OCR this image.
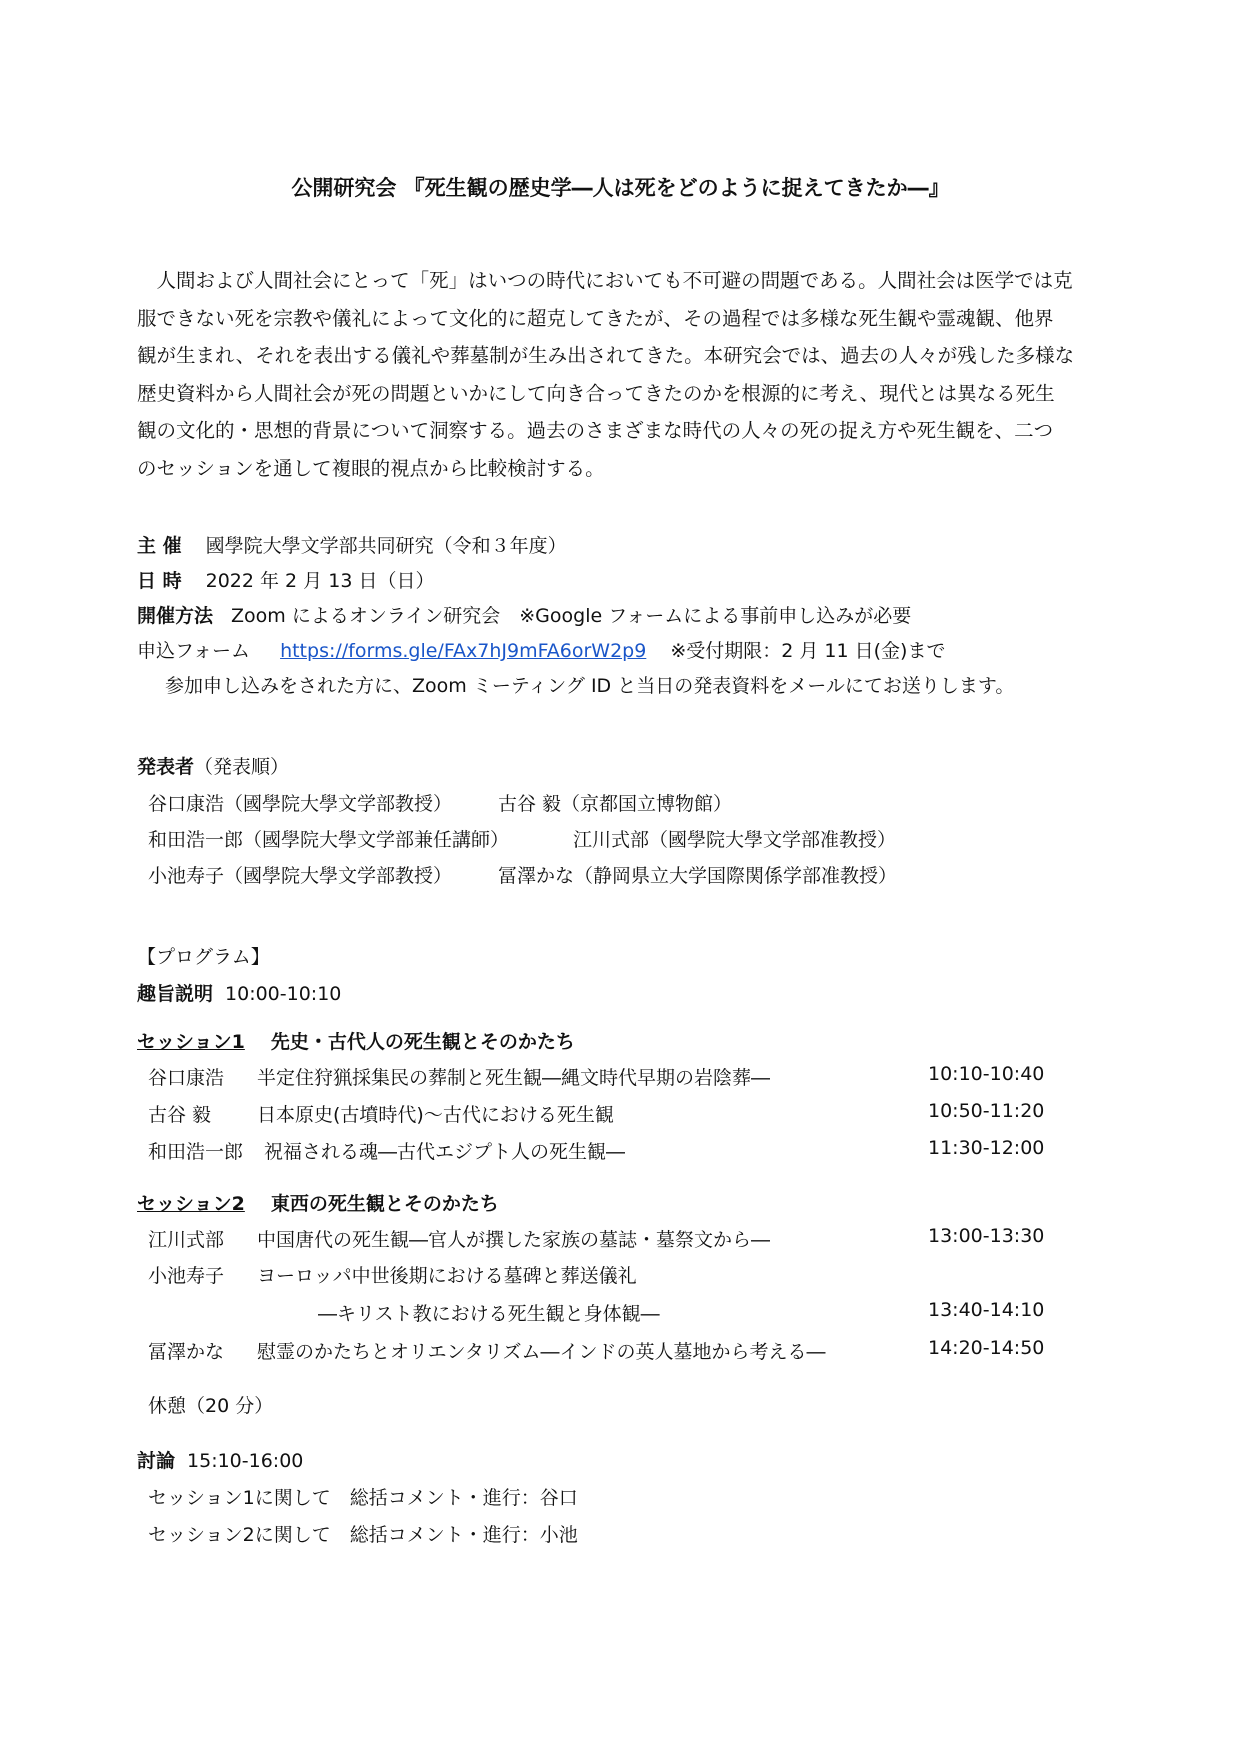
公開研究会 『死生観の歴史学―人は死をどのように捉えてきたか―』

　人間および人間社会にとって「死」はいつの時代においても不可避の問題である。人間社会は医学では克

服できない死を宗教や儀礼によって文化的に超克してきたが、その過程では多様な死生観や霊魂観、他界

観が生まれ、それを表出する儀礼や葬墓制が生み出されてきた。本研究会では、過去の人々が残した多様な

歴史資料から人間社会が死の問題といかにして向き合ってきたのかを根源的に考え、現代とは異なる死生

観の文化的・思想的背景について洞察する。過去のさまざまな時代の人々の死の捉え方や死生観を、二つ

のセッションを通して複眼的視点から比較検討する。

主 催 國學院大學文学部共同研究（令和３年度）
日 時 2022 年 2 月 13 日（日）
開催方法 Zoom によるオンライン研究会　※Google フォームによる事前申し込みが必要
申込フォーム https://forms.gle/FAx7hJ9mFA6orW2p9 ※受付期限：2 月 11 日(金)まで
参加申し込みをされた方に、Zoom ミーティング ID と当日の発表資料をメールにてお送りします。
発表者（発表順）
谷口康浩（國學院大學文学部教授） 古谷 毅（京都国立博物館）
和田浩一郎（國學院大學文学部兼任講師）	江川式部（國學院大學文学部准教授）
小池寿子（國學院大學文学部教授） 冨澤かな（静岡県立大学国際関係学部准教授）
【プログラム】
趣旨説明 10:00-10:10
セッション1 先史・古代人の死生観とそのかたち
谷口康浩 半定住狩猟採集民の葬制と死生観―縄文時代早期の岩陰葬―	10:10-10:40
古谷 毅 日本原史(古墳時代)～古代における死生観	10:50-11:20
和田浩一郎 祝福される魂―古代エジプト人の死生観―	11:30-12:00
セッション2 東西の死生観とそのかたち
江川式部 中国唐代の死生観―官人が撰した家族の墓誌・墓祭文から―	13:00-13:30
小池寿子 ヨーロッパ中世後期における墓碑と葬送儀礼
―キリスト教における死生観と身体観―	13:40-14:10
冨澤かな 慰霊のかたちとオリエンタリズム―インドの英人墓地から考える―	14:20-14:50
休憩（20 分）
討論 15:10-16:00
セッション1に関して　総括コメント・進行：谷口
セッション2に関して　総括コメント・進行：小池
